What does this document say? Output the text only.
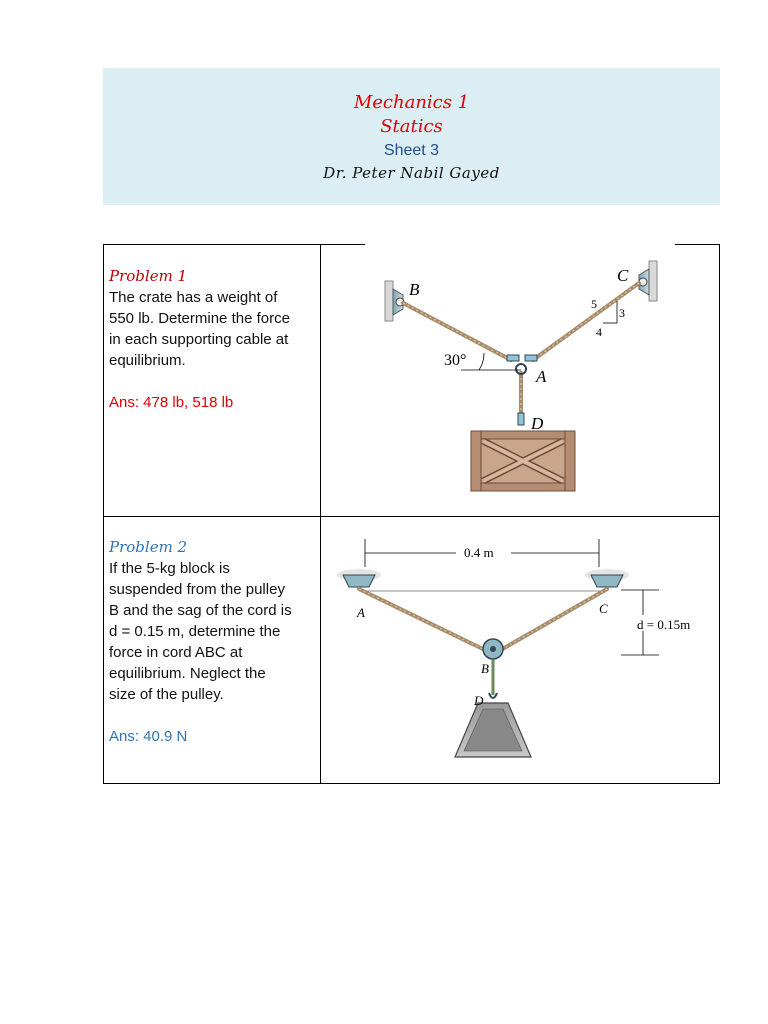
Mechanics 1
Statics
Sheet 3
Dr. Peter Nabil Gayed
Problem 1
The crate has a weight of
550 lb. Determine the force
in each supporting cable at
equilibrium.
Ans: 478 lb, 518 lb
Problem 2
If the 5-kg block is
suspended from the pulley
B and the sag of the cord is
d = 0.15 m, determine the
force in cord ABC at
equilibrium. Neglect the
size of the pulley.
Ans: 40.9 N
B
C
A
D
30°
5
3
4
0.4 m
d = 0.15m
A
B
C
D
